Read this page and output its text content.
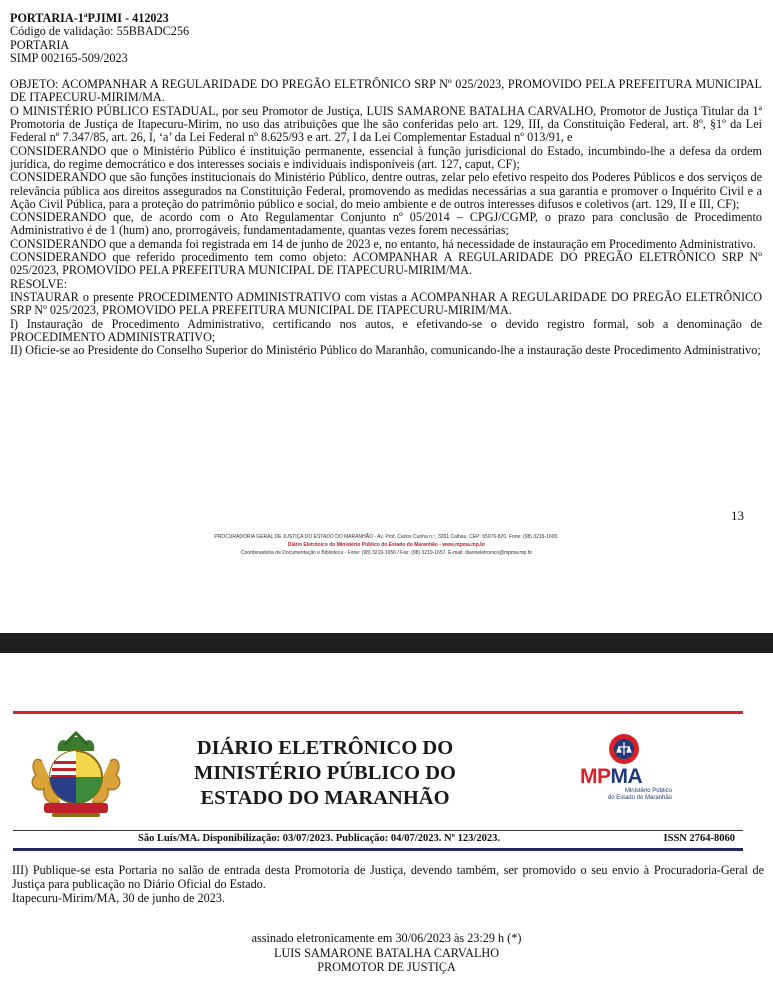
PORTARIA-1ªPJIMI - 412023

Código de validação: 55BBADC256

PORTARIA

SIMP 002165-509/2023

OBJETO: ACOMPANHAR A REGULARIDADE DO PREGÃO ELETRÔNICO SRP Nº 025/2023, PROMOVIDO PELA PREFEITURA MUNICIPAL DE ITAPECURU-MIRIM/MA.

O MINISTÉRIO PÚBLICO ESTADUAL, por seu Promotor de Justiça, LUIS SAMARONE BATALHA CARVALHO, Promotor de Justiça Titular da 1ª Promotoria de Justiça de Itapecuru-Mirim, no uso das atribuições que lhe são conferidas pelo art. 129, III, da Constituição Federal, art. 8º, §1º da Lei Federal nº 7.347/85, art. 26, I, ‘a’ da Lei Federal nº 8.625/93 e art. 27, I da Lei Complementar Estadual nº 013/91, e

CONSIDERANDO que o Ministério Público é instituição permanente, essencial à função jurisdicional do Estado, incumbindo-lhe a defesa da ordem jurídica, do regime democrático e dos interesses sociais e individuais indisponíveis (art. 127, caput, CF);

CONSIDERANDO que são funções institucionais do Ministério Público, dentre outras, zelar pelo efetivo respeito dos Poderes Públicos e dos serviços de relevância pública aos direitos assegurados na Constituição Federal, promovendo as medidas necessárias a sua garantia e promover o Inquérito Civil e a Ação Civil Pública, para a proteção do patrimônio público e social, do meio ambiente e de outros interesses difusos e coletivos (art. 129, II e III, CF);

CONSIDERANDO que, de acordo com o Ato Regulamentar Conjunto nº 05/2014 – CPGJ/CGMP, o prazo para conclusão de Procedimento Administrativo é de 1 (hum) ano, prorrogáveis, fundamentadamente, quantas vezes forem necessárias;

CONSIDERANDO que a demanda foi registrada em 14 de junho de 2023 e, no entanto, há necessidade de instauração em Procedimento Administrativo.

CONSIDERANDO que referido procedimento tem como objeto: ACOMPANHAR A REGULARIDADE DO PREGÃO ELETRÔNICO SRP Nº 025/2023, PROMOVIDO PELA PREFEITURA MUNICIPAL DE ITAPECURU-MIRIM/MA.

RESOLVE:

INSTAURAR o presente PROCEDIMENTO ADMINISTRATIVO com vistas a ACOMPANHAR A REGULARIDADE DO PREGÃO ELETRÔNICO SRP Nº 025/2023, PROMOVIDO PELA PREFEITURA MUNICIPAL DE ITAPECURU-MIRIM/MA.

I) Instauração de Procedimento Administrativo, certificando nos autos, e efetivando-se o devido registro formal, sob a denominação de PROCEDIMENTO ADMINISTRATIVO;

II) Oficie-se ao Presidente do Conselho Superior do Ministério Público do Maranhão, comunicando-lhe a instauração deste Procedimento Administrativo;

13
PROCURADORIA GERAL DE JUSTIÇA DO ESTADO DO MARANHÃO - Av. Prof. Carlos Cunha n.º, 3261 Calhau. CEP: 65076-820. Fone: (98) 3219-1600.
Diário Eletrônico do Ministério Público do Estado do Maranhão - www.mpma.mp.br
Coordenadoria de Documentação e Biblioteca - Fone: (98) 3219-1656 / Fax: (98) 3219-1657. E-mail: diarioeletronico@mpma.mp.br
DIÁRIO ELETRÔNICO DO
MINISTÉRIO PÚBLICO DO
ESTADO DO MARANHÃO
MPMA
Ministério Público
do Estado do Maranhão
São Luís/MA. Disponibilização: 03/07/2023. Publicação: 04/07/2023. Nº 123/2023.	ISSN 2764-8060

III) Publique-se esta Portaria no salão de entrada desta Promotoria de Justiça, devendo também, ser promovido o seu envio à Procuradoria-Geral de Justiça para publicação no Diário Oficial do Estado.

Itapecuru-Mirim/MA, 30 de junho de 2023.

assinado eletronicamente em 30/06/2023 às 23:29 h (*)

LUIS SAMARONE BATALHA CARVALHO

PROMOTOR DE JUSTIÇA
